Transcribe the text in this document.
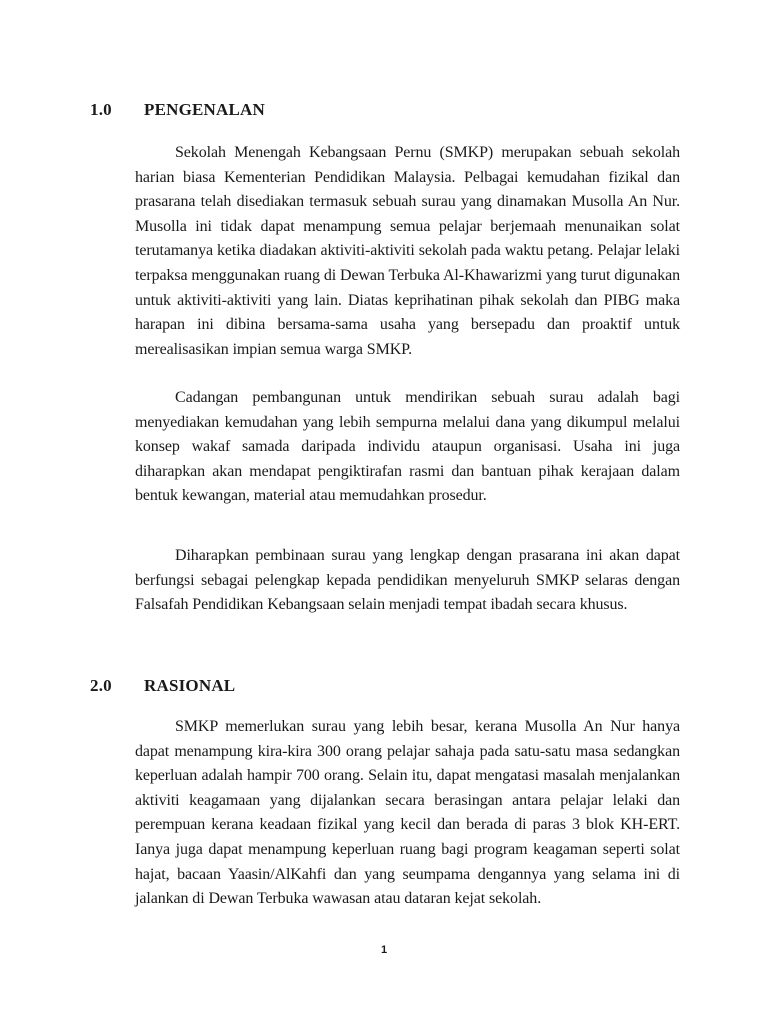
1.0 PENGENALAN

Sekolah Menengah Kebangsaan Pernu (SMKP) merupakan sebuah sekolah harian biasa Kementerian Pendidikan Malaysia. Pelbagai kemudahan fizikal dan prasarana telah disediakan termasuk sebuah surau yang dinamakan Musolla An Nur. Musolla ini tidak dapat menampung semua pelajar berjemaah menunaikan solat terutamanya ketika diadakan aktiviti-aktiviti sekolah pada waktu petang. Pelajar lelaki terpaksa menggunakan ruang di Dewan Terbuka Al-Khawarizmi yang turut digunakan untuk aktiviti-aktiviti yang lain. Diatas keprihatinan pihak sekolah dan PIBG maka harapan ini dibina bersama-sama usaha yang bersepadu dan proaktif untuk merealisasikan impian semua warga SMKP.

Cadangan pembangunan untuk mendirikan sebuah surau adalah bagi menyediakan kemudahan yang lebih sempurna melalui dana yang dikumpul melalui konsep wakaf samada daripada individu ataupun organisasi. Usaha ini juga diharapkan akan mendapat pengiktirafan rasmi dan bantuan pihak kerajaan dalam bentuk kewangan, material atau memudahkan prosedur.

Diharapkan pembinaan surau yang lengkap dengan prasarana ini akan dapat berfungsi sebagai pelengkap kepada pendidikan menyeluruh SMKP selaras dengan Falsafah Pendidikan Kebangsaan selain menjadi tempat ibadah secara khusus.

2.0 RASIONAL

SMKP memerlukan surau yang lebih besar, kerana Musolla An Nur hanya dapat menampung kira-kira 300 orang pelajar sahaja pada satu-satu masa sedangkan keperluan adalah hampir 700 orang. Selain itu, dapat mengatasi masalah menjalankan aktiviti keagamaan yang dijalankan secara berasingan antara pelajar lelaki dan perempuan kerana keadaan fizikal yang kecil dan berada di paras 3 blok KH-ERT. Ianya juga dapat menampung keperluan ruang bagi program keagaman seperti solat hajat, bacaan Yaasin/AlKahfi dan yang seumpama dengannya yang selama ini di jalankan di Dewan Terbuka wawasan atau dataran kejat sekolah.

1
